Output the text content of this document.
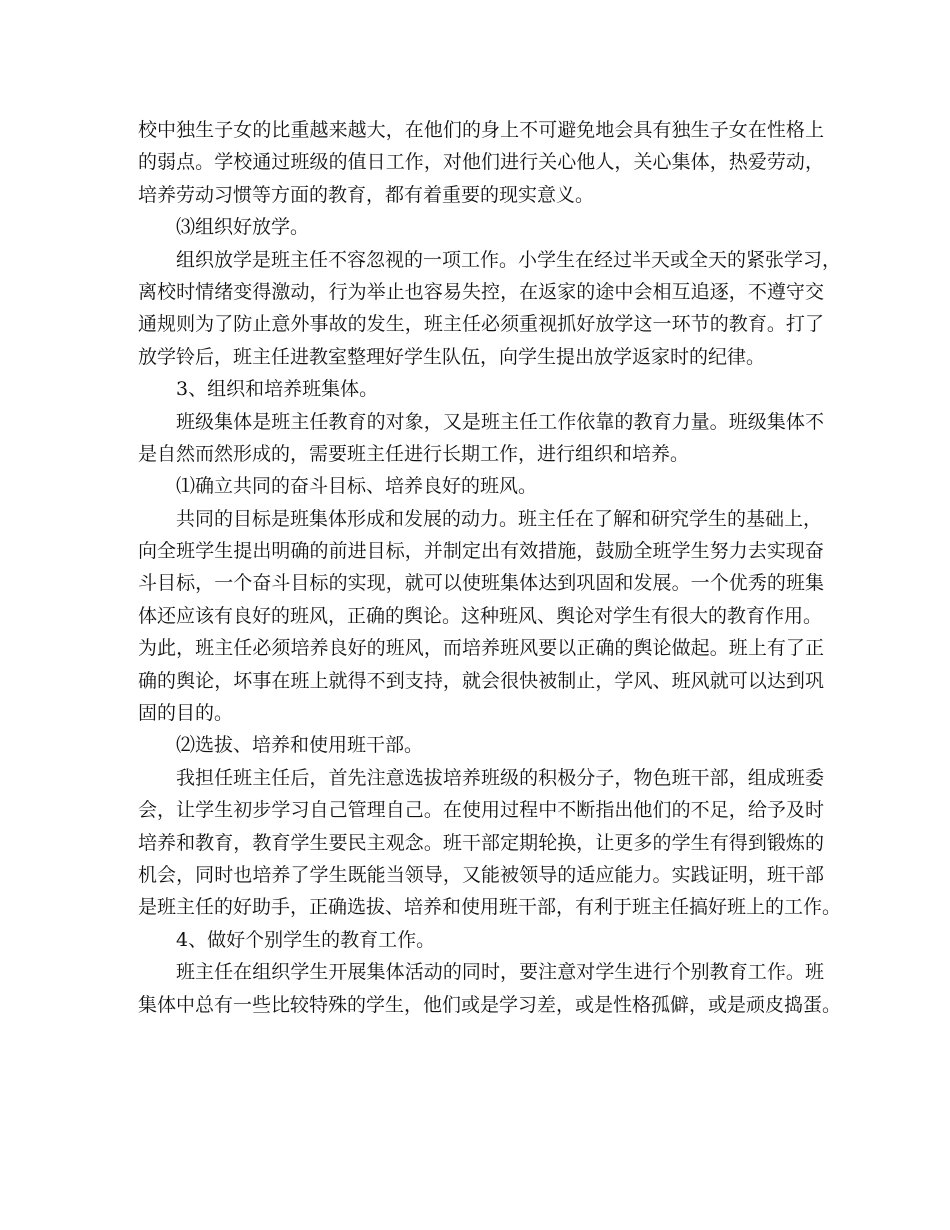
校中独生子女的比重越来越大，在他们的身上不可避免地会具有独生子女在性格上
的弱点。学校通过班级的值日工作，对他们进行关心他人，关心集体，热爱劳动，
培养劳动习惯等方面的教育，都有着重要的现实意义。
⑶组织好放学。
组织放学是班主任不容忽视的一项工作。小学生在经过半天或全天的紧张学习，
离校时情绪变得激动，行为举止也容易失控，在返家的途中会相互追逐，不遵守交
通规则为了防止意外事故的发生，班主任必须重视抓好放学这一环节的教育。打了
放学铃后，班主任进教室整理好学生队伍，向学生提出放学返家时的纪律。
3、组织和培养班集体。
班级集体是班主任教育的对象，又是班主任工作依靠的教育力量。班级集体不
是自然而然形成的，需要班主任进行长期工作，进行组织和培养。
⑴确立共同的奋斗目标、培养良好的班风。
共同的目标是班集体形成和发展的动力。班主任在了解和研究学生的基础上，
向全班学生提出明确的前进目标，并制定出有效措施，鼓励全班学生努力去实现奋
斗目标，一个奋斗目标的实现，就可以使班集体达到巩固和发展。一个优秀的班集
体还应该有良好的班风，正确的舆论。这种班风、舆论对学生有很大的教育作用。
为此，班主任必须培养良好的班风，而培养班风要以正确的舆论做起。班上有了正
确的舆论，坏事在班上就得不到支持，就会很快被制止，学风、班风就可以达到巩
固的目的。
⑵选拔、培养和使用班干部。
我担任班主任后，首先注意选拔培养班级的积极分子，物色班干部，组成班委
会，让学生初步学习自己管理自己。在使用过程中不断指出他们的不足，给予及时
培养和教育，教育学生要民主观念。班干部定期轮换，让更多的学生有得到锻炼的
机会，同时也培养了学生既能当领导，又能被领导的适应能力。实践证明，班干部
是班主任的好助手，正确选拔、培养和使用班干部，有利于班主任搞好班上的工作。
4、做好个别学生的教育工作。
班主任在组织学生开展集体活动的同时，要注意对学生进行个别教育工作。班
集体中总有一些比较特殊的学生，他们或是学习差，或是性格孤僻，或是顽皮捣蛋。
